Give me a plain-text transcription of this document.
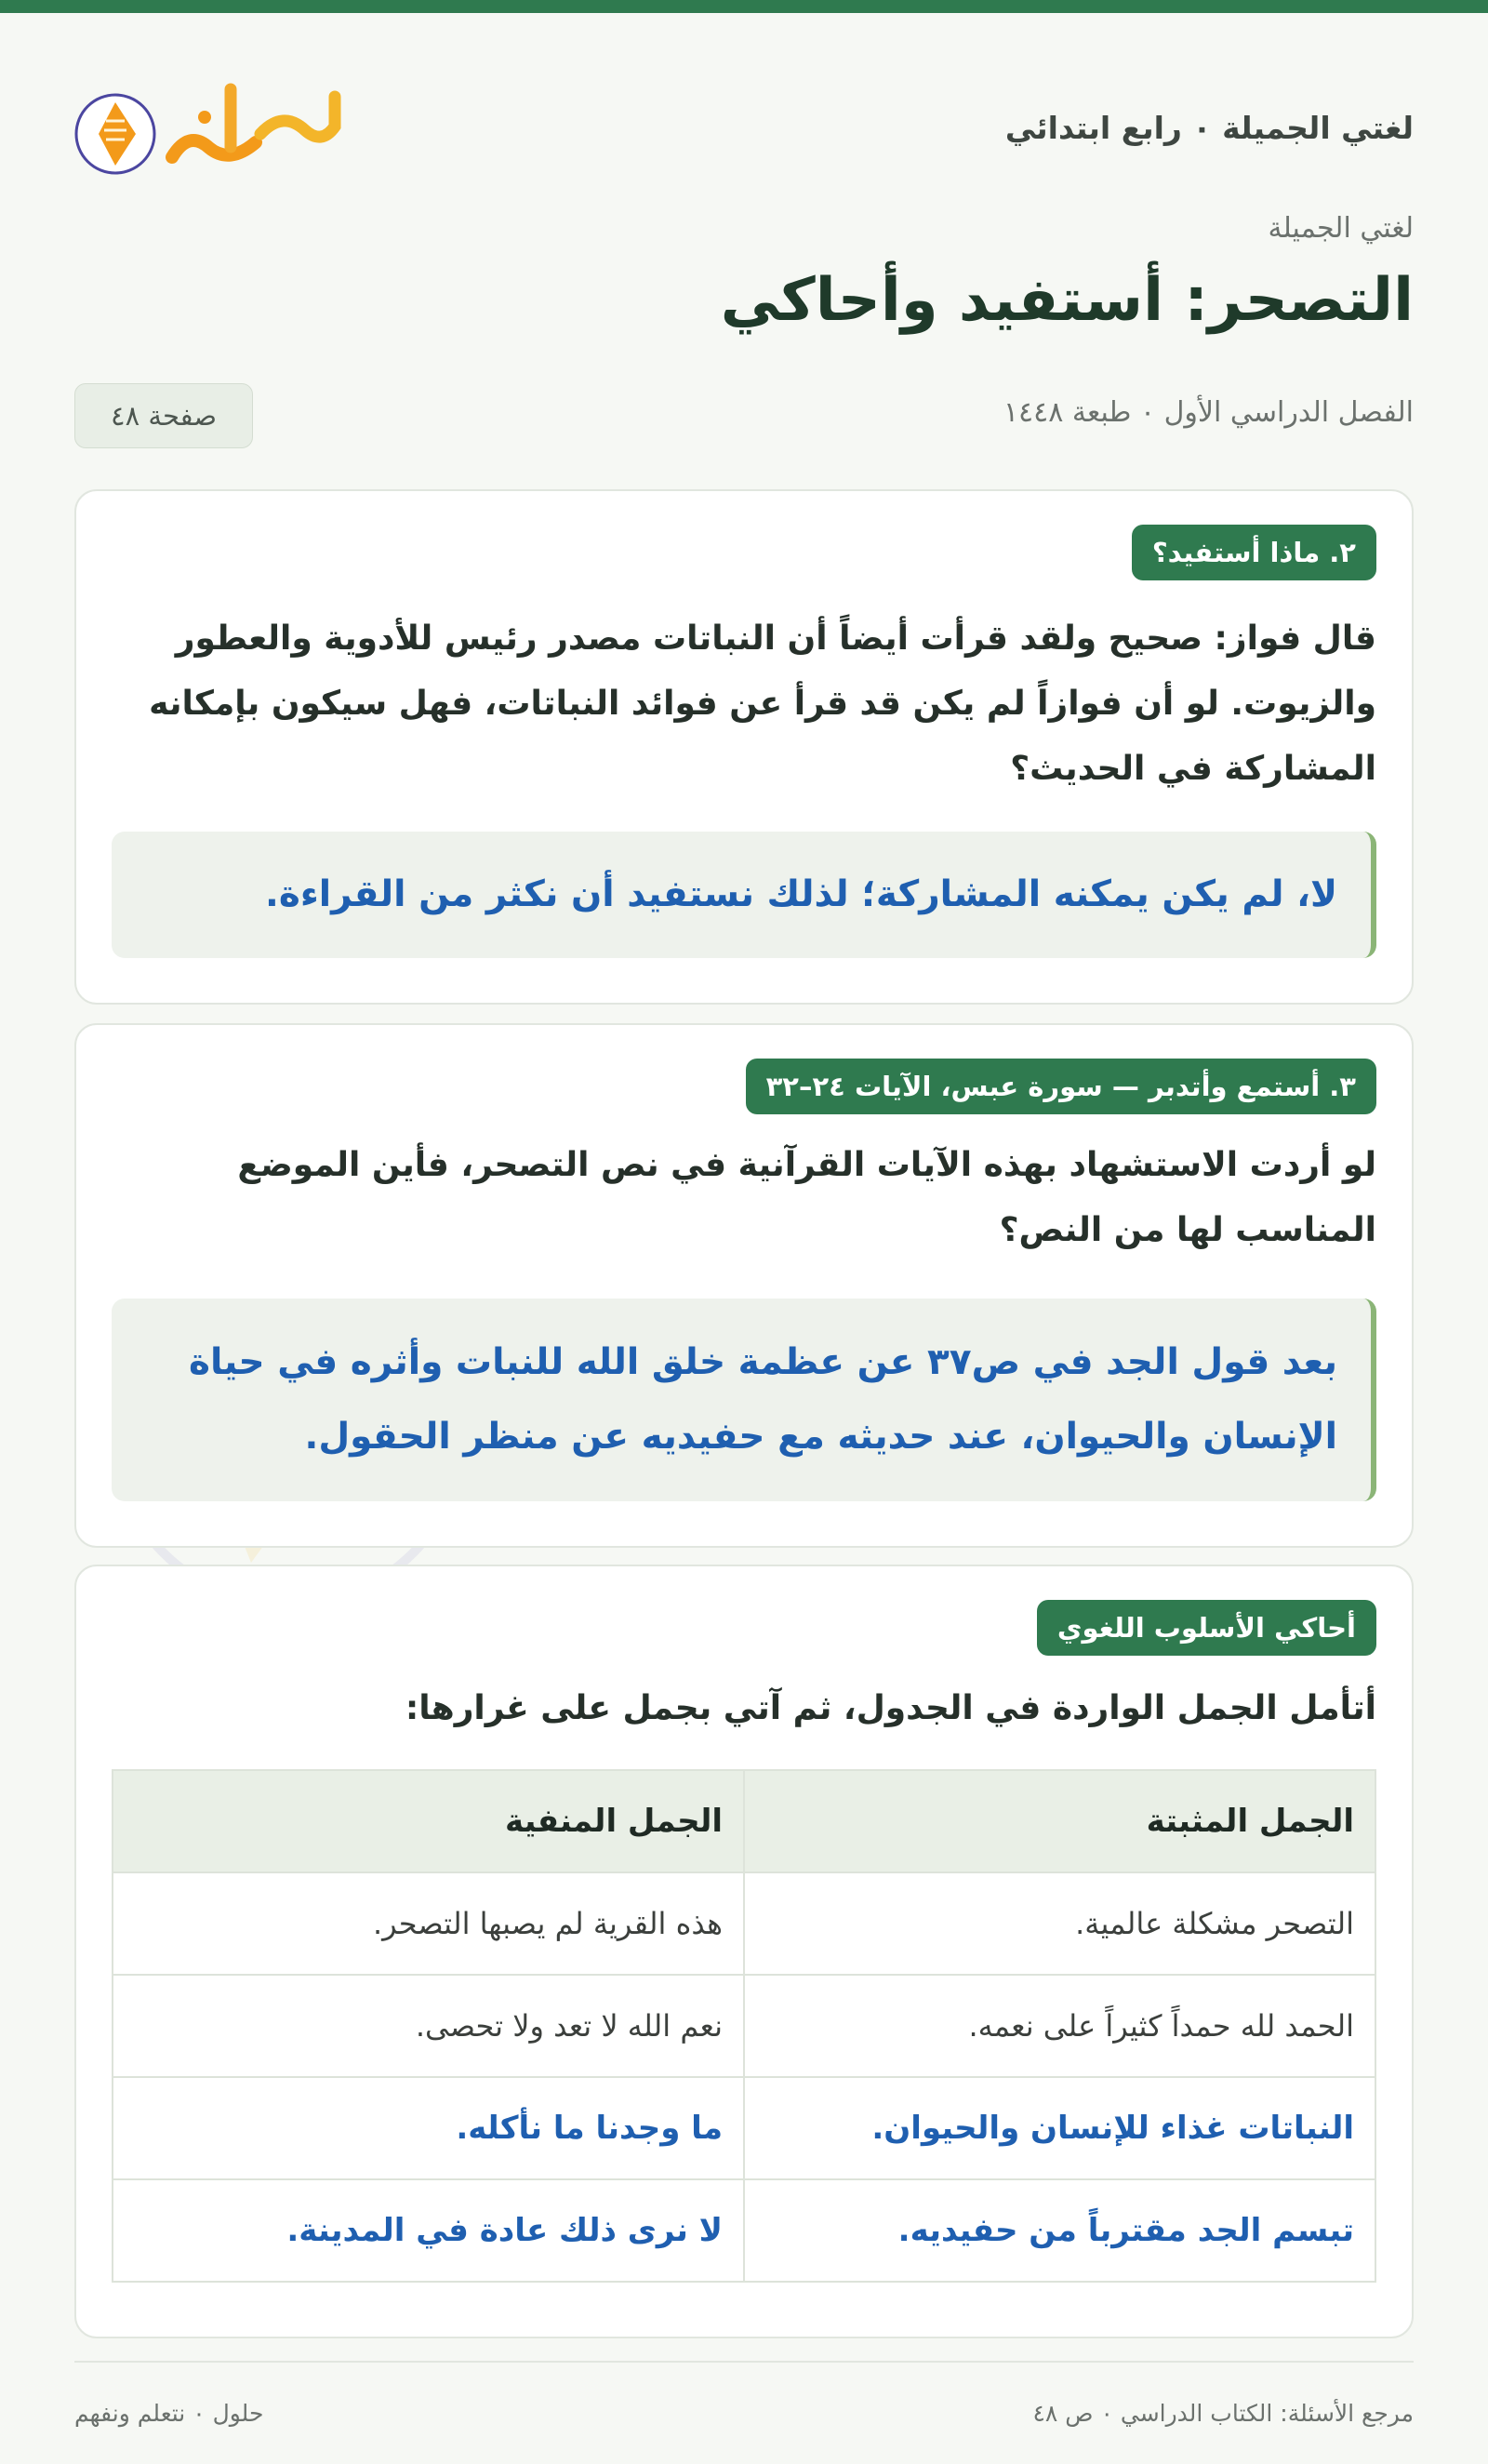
لغتي الجميلة ٠ رابع ابتدائي
لغتي الجميلة
التصحر: أستفيد وأحاكي
الفصل الدراسي الأول ٠ طبعة ١٤٤٨
صفحة ٤٨
٢. ماذا أستفيد؟
قال فواز: صحيح ولقد قرأت أيضاً أن النباتات مصدر رئيس للأدوية والعطور والزيوت. لو أن فوازاً لم يكن قد قرأ عن فوائد النباتات، فهل سيكون بإمكانه المشاركة في الحديث؟
لا، لم يكن يمكنه المشاركة؛ لذلك نستفيد أن نكثر من القراءة.
٣. أستمع وأتدبر — سورة عبس، الآيات ٢٤–٣٢
لو أردت الاستشهاد بهذه الآيات القرآنية في نص التصحر، فأين الموضع المناسب لها من النص؟
بعد قول الجد في ص٣٧ عن عظمة خلق الله للنبات وأثره في حياة الإنسان والحيوان، عند حديثه مع حفيديه عن منظر الحقول.
أحاكي الأسلوب اللغوي
أتأمل الجمل الواردة في الجدول، ثم آتي بجمل على غرارها:
الجمل المثبتة	الجمل المنفية
التصحر مشكلة عالمية.	هذه القرية لم يصبها التصحر.
الحمد لله حمداً كثيراً على نعمه.	نعم الله لا تعد ولا تحصى.
النباتات غذاء للإنسان والحيوان.	ما وجدنا ما نأكله.
تبسم الجد مقترباً من حفيديه.	لا نرى ذلك عادة في المدينة.
مرجع الأسئلة: الكتاب الدراسي ٠ ص ٤٨
حلول ٠ نتعلم ونفهم
